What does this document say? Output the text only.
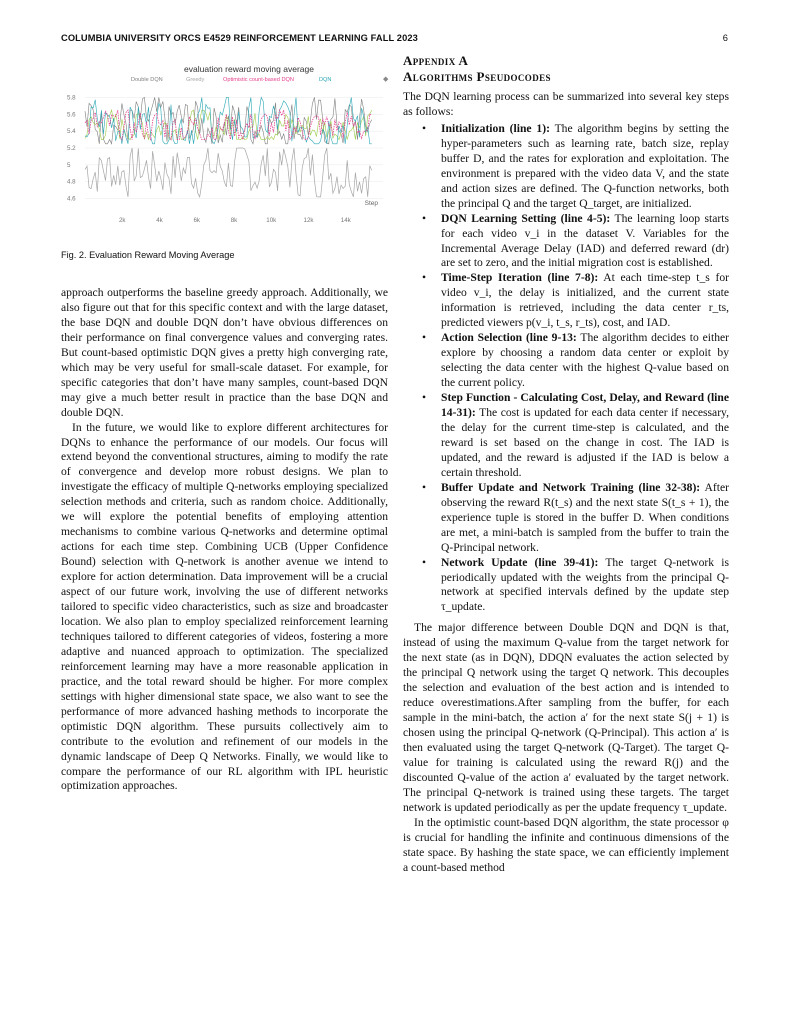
COLUMBIA UNIVERSITY ORCS E4529 REINFORCEMENT LEARNING FALL 2023	6
evaluation reward moving average
Double DQN	Greedy	Optimistic count-based DQN	DQN
4.6
4.8
5
5.2
5.4
5.6
5.8
2k	4k	6k	8k	10k	12k	14k
Step
◆
Fig. 2. Evaluation Reward Moving Average

approach outperforms the baseline greedy approach. Additionally, we also figure out that for this specific context and with the large dataset, the base DQN and double DQN don’t have obvious differences on their performance on final convergence values and converging rates. But count-based optimistic DQN gives a pretty high converging rate, which may be very useful for small-scale dataset. For example, for specific categories that don’t have many samples, count-based DQN may give a much better result in practice than the base DQN and double DQN.

In the future, we would like to explore different architectures for DQNs to enhance the performance of our models. Our focus will extend beyond the conventional structures, aiming to modify the rate of convergence and develop more robust designs. We plan to investigate the efficacy of multiple Q-networks employing specialized selection methods and criteria, such as random choice. Additionally, we will explore the potential benefits of employing attention mechanisms to combine various Q-networks and determine optimal actions for each time step. Combining UCB (Upper Confidence Bound) selection with Q-network is another avenue we intend to explore for action determination. Data improvement will be a crucial aspect of our future work, involving the use of different networks tailored to specific video characteristics, such as size and broadcaster location. We also plan to employ specialized reinforcement learning techniques tailored to different categories of videos, fostering a more adaptive and nuanced approach to optimization. The specialized reinforcement learning may have a more reasonable application in practice, and the total reward should be higher. For more complex settings with higher dimensional state space, we also want to see the performance of more advanced hashing methods to incorporate the optimistic DQN algorithm. These pursuits collectively aim to contribute to the evolution and refinement of our models in the dynamic landscape of Deep Q Networks. Finally, we would like to compare the performance of our RL algorithm with IPL heuristic optimization approaches.

Appendix A
Algorithms Pseudocodes

The DQN learning process can be summarized into several key steps as follows:

• Initialization (line 1): The algorithm begins by setting the hyper-parameters such as learning rate, batch size, replay buffer D, and the rates for exploration and exploitation. The environment is prepared with the video data V, and the state and action sizes are defined. The Q-function networks, both the principal Q and the target Q_target, are initialized.
• DQN Learning Setting (line 4-5): The learning loop starts for each video v_i in the dataset V. Variables for the Incremental Average Delay (IAD) and deferred reward (dr) are set to zero, and the initial migration cost is established.
• Time-Step Iteration (line 7-8): At each time-step t_s for video v_i, the delay is initialized, and the current state information is retrieved, including the data center r_ts, predicted viewers p(v_i, t_s, r_ts), cost, and IAD.
• Action Selection (line 9-13: The algorithm decides to either explore by choosing a random data center or exploit by selecting the data center with the highest Q-value based on the current policy.
• Step Function - Calculating Cost, Delay, and Reward (line 14-31): The cost is updated for each data center if necessary, the delay for the current time-step is calculated, and the reward is set based on the change in cost. The IAD is updated, and the reward is adjusted if the IAD is below a certain threshold.
• Buffer Update and Network Training (line 32-38): After observing the reward R(t_s) and the next state S(t_s + 1), the experience tuple is stored in the buffer D. When conditions are met, a mini-batch is sampled from the buffer to train the Q-Principal network.
• Network Update (line 39-41): The target Q-network is periodically updated with the weights from the principal Q-network at specified intervals defined by the update step τ_update.

The major difference between Double DQN and DQN is that, instead of using the maximum Q-value from the target network for the next state (as in DQN), DDQN evaluates the action selected by the principal Q network using the target Q network. This decouples the selection and evaluation of the best action and is intended to reduce overestimations.After sampling from the buffer, for each sample in the mini-batch, the action a′ for the next state S(j + 1) is chosen using the principal Q-network (Q-Principal). This action a′ is then evaluated using the target Q-network (Q-Target). The target Q-value for training is calculated using the reward R(j) and the discounted Q-value of the action a′ evaluated by the target network. The principal Q-network is trained using these targets. The target network is updated periodically as per the update frequency τ_update.

In the optimistic count-based DQN algorithm, the state processor φ is crucial for handling the infinite and continuous dimensions of the state space. By hashing the state space, we can efficiently implement a count-based method
